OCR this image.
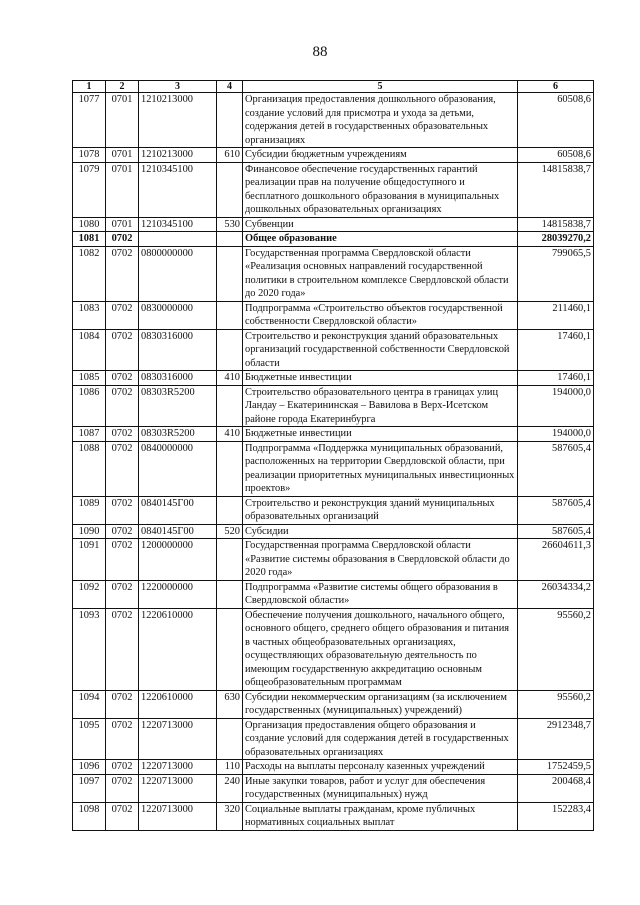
88
1	2	3	4	5	6
1077	0701	1210213000		Организация предоставления дошкольного образования, создание условий для присмотра и ухода за детьми, содержания детей в государственных образовательных организациях	60508,6
1078	0701	1210213000	610	Субсидии бюджетным учреждениям	60508,6
1079	0701	1210345100		Финансовое обеспечение государственных гарантий реализации прав на получение общедоступного и бесплатного дошкольного образования в муниципальных дошкольных образовательных организациях	14815838,7
1080	0701	1210345100	530	Субвенции	14815838,7
1081	0702			Общее образование	28039270,2
1082	0702	0800000000		Государственная программа Свердловской области «Реализация основных направлений государственной политики в строительном комплексе Свердловской области до 2020 года»	799065,5
1083	0702	0830000000		Подпрограмма «Строительство объектов государственной собственности Свердловской области»	211460,1
1084	0702	0830316000		Строительство и реконструкция зданий образовательных организаций государственной собственности Свердловской области	17460,1
1085	0702	0830316000	410	Бюджетные инвестиции	17460,1
1086	0702	08303R5200		Строительство образовательного центра в границах улиц Ландау – Екатерининская – Вавилова в Верх-Исетском районе города Екатеринбурга	194000,0
1087	0702	08303R5200	410	Бюджетные инвестиции	194000,0
1088	0702	0840000000		Подпрограмма «Поддержка муниципальных образований, расположенных на территории Свердловской области, при реализации приоритетных муниципальных инвестиционных проектов»	587605,4
1089	0702	0840145Г00		Строительство и реконструкция зданий муниципальных образовательных организаций	587605,4
1090	0702	0840145Г00	520	Субсидии	587605,4
1091	0702	1200000000		Государственная программа Свердловской области «Развитие системы образования в Свердловской области до 2020 года»	26604611,3
1092	0702	1220000000		Подпрограмма «Развитие системы общего образования в Свердловской области»	26034334,2
1093	0702	1220610000		Обеспечение получения дошкольного, начального общего, основного общего, среднего общего образования и питания в частных общеобразовательных организациях, осуществляющих образовательную деятельность по имеющим государственную аккредитацию основным общеобразовательным программам	95560,2
1094	0702	1220610000	630	Субсидии некоммерческим организациям (за исключением государственных (муниципальных) учреждений)	95560,2
1095	0702	1220713000		Организация предоставления общего образования и создание условий для содержания детей в государственных образовательных организациях	2912348,7
1096	0702	1220713000	110	Расходы на выплаты персоналу казенных учреждений	1752459,5
1097	0702	1220713000	240	Иные закупки товаров, работ и услуг для обеспечения государственных (муниципальных) нужд	200468,4
1098	0702	1220713000	320	Социальные выплаты гражданам, кроме публичных нормативных социальных выплат	152283,4
